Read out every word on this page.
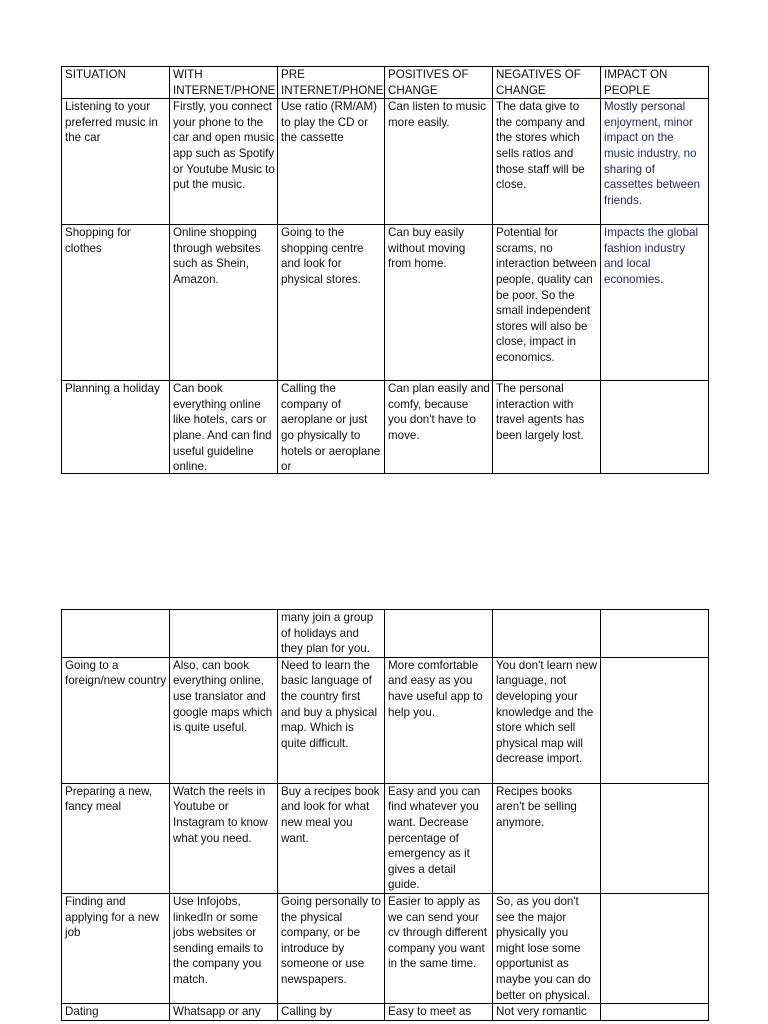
SITUATION	WITH INTERNET/PHONE	PRE INTERNET/PHONE	POSITIVES OF CHANGE	NEGATIVES OF CHANGE	IMPACT ON PEOPLE
Listening to your preferred music in the car	Firstly, you connect your phone to the car and open music app such as Spotify or Youtube Music to put the music.	Use ratio (RM/AM) to play the CD or the cassette	Can listen to music more easily.	The data give to the company and the stores which sells ratios and those staff will be close.	Mostly personal enjoyment, minor impact on the music industry, no sharing of cassettes between friends.
Shopping for clothes	Online shopping through websites such as Shein, Amazon.	Going to the shopping centre and look for physical stores.	Can buy easily without moving from home.	Potential for scrams, no interaction between people, quality can be poor. So the small independent stores will also be close, impact in economics.	Impacts the global fashion industry and local economies.

Planning a holiday	Can book everything online like hotels, cars or plane. And can find useful guideline online.	Calling the company of aeroplane or just go physically to hotels or aeroplane or	Can plan easily and comfy, because you don't have to move.	The personal interaction with travel agents has been largely lost.	

		many join a group of holidays and they plan for you.			
Going to a foreign/new country	Also, can book everything online, use translator and google maps which is quite useful.	Need to learn the basic language of the country first and buy a physical map. Which is quite difficult.	More comfortable and easy as you have useful app to help you.	You don't learn new language, not developing your knowledge and the store which sell physical map will decrease import.	
Preparing a new, fancy meal	Watch the reels in Youtube or Instagram to know what you need.	Buy a recipes book and look for what new meal you want.	Easy and you can find whatever you want. Decrease percentage of emergency as it gives a detail guide.	Recipes books aren't be selling anymore.	
Finding and applying for a new job	Use Infojobs, linkedIn or some jobs websites or sending emails to the company you match.	Going personally to the physical company, or be introduce by someone or use newspapers.	Easier to apply as we can send your cv through different company you want in the same time.	So, as you don't see the major physically you might lose some opportunist as maybe you can do better on physical.	

Dating	Whatsapp or any	Calling by	Easy to meet as	Not very romantic	
